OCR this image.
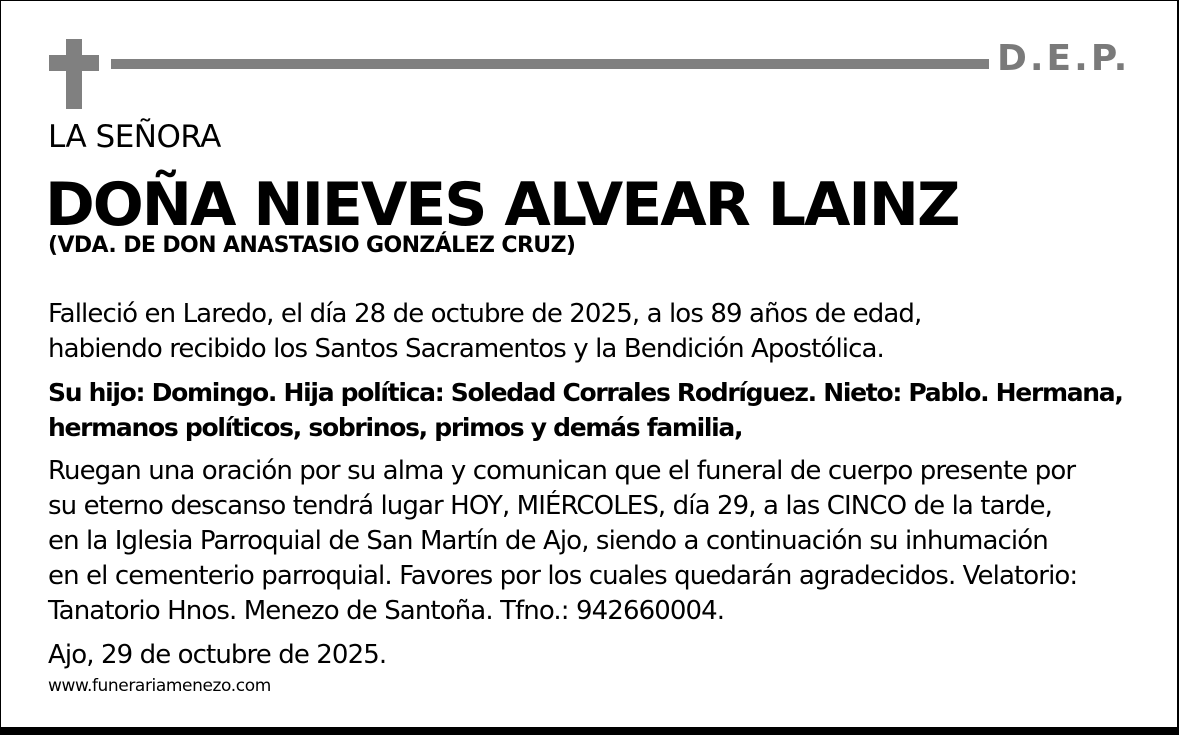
D.E.P.
LA SEÑORA
DOÑA NIEVES ALVEAR LAINZ
(VDA. DE DON ANASTASIO GONZÁLEZ CRUZ)
Falleció en Laredo, el día 28 de octubre de 2025, a los 89 años de edad,
habiendo recibido los Santos Sacramentos y la Bendición Apostólica.
Su hijo: Domingo. Hija política: Soledad Corrales Rodríguez. Nieto: Pablo. Hermana,
hermanos políticos, sobrinos, primos y demás familia,
Ruegan una oración por su alma y comunican que el funeral de cuerpo presente por
su eterno descanso tendrá lugar HOY, MIÉRCOLES, día 29, a las CINCO de la tarde,
en la Iglesia Parroquial de San Martín de Ajo, siendo a continuación su inhumación
en el cementerio parroquial. Favores por los cuales quedarán agradecidos. Velatorio:
Tanatorio Hnos. Menezo de Santoña. Tfno.: 942660004.
Ajo, 29 de octubre de 2025.
www.funerariamenezo.com
